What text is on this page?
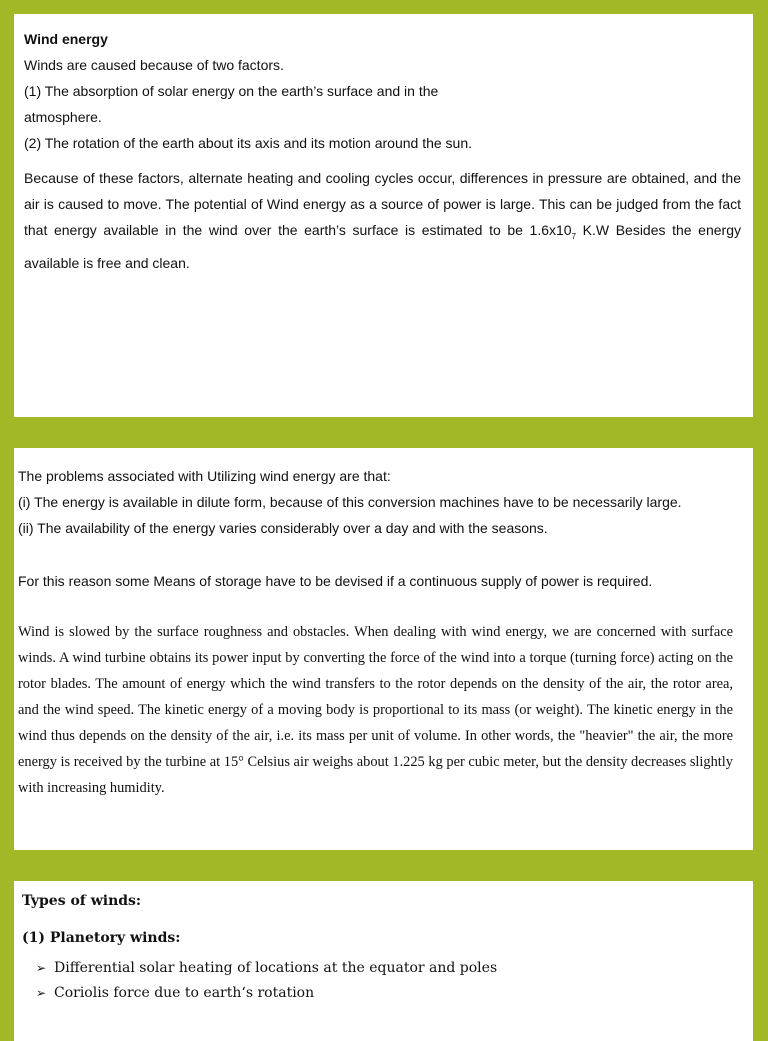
Wind energy

Winds are caused because of two factors.

(1) The absorption of solar energy on the earth’s surface and in the

atmosphere.

(2) The rotation of the earth about its axis and its motion around the sun.

Because of these factors, alternate heating and cooling cycles occur, differences in pressure are obtained, and the air is caused to move. The potential of Wind energy as a source of power is large. This can be judged from the fact that energy available in the wind over the earth’s surface is estimated to be $1.6x10_7$ K.W Besides the energy available is free and clean.

The problems associated with Utilizing wind energy are that:

(i) The energy is available in dilute form, because of this conversion machines have to be necessarily large.

(ii) The availability of the energy varies considerably over a day and with the seasons.

For this reason some Means of storage have to be devised if a continuous supply of power is required.

Wind is slowed by the surface roughness and obstacles. When dealing with wind energy, we are concerned with surface winds. A wind turbine obtains its power input by converting the force of the wind into a torque (turning force) acting on the rotor blades. The amount of energy which the wind transfers to the rotor depends on the density of the air, the rotor area, and the wind speed. The kinetic energy of a moving body is proportional to its mass (or weight). The kinetic energy in the wind thus depends on the density of the air, i.e. its mass per unit of volume. In other words, the "heavier" the air, the more energy is received by the turbine at 15° Celsius air weighs about 1.225 kg per cubic meter, but the density decreases slightly with increasing humidity.

Types of winds:

(1) Planetory winds:

➢ Differential solar heating of locations at the equator and poles
➢ Coriolis force due to earth‘s rotation
